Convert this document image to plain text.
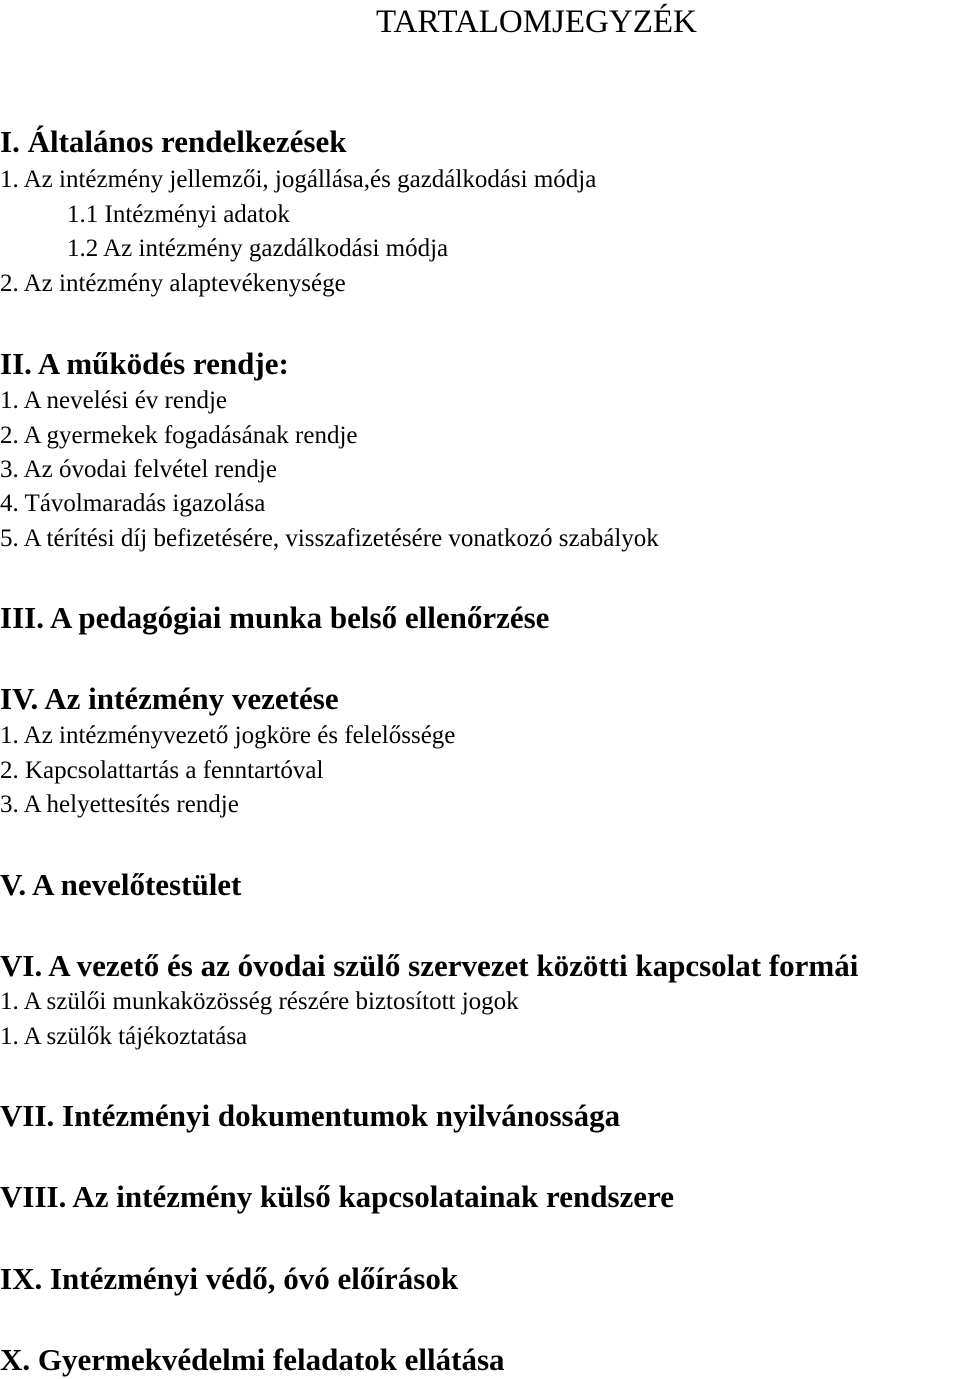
TARTALOMJEGYZÉK
I. Általános rendelkezések
1. Az intézmény jellemzői, jogállása,és gazdálkodási módja
1.1 Intézményi adatok
1.2 Az intézmény gazdálkodási módja
2. Az intézmény alaptevékenysége
II. A működés rendje:
1. A nevelési év rendje
2. A gyermekek fogadásának rendje
3. Az óvodai felvétel rendje
4. Távolmaradás igazolása
5. A térítési díj befizetésére, visszafizetésére vonatkozó szabályok
III. A pedagógiai munka belső ellenőrzése
IV. Az intézmény vezetése
1. Az intézményvezető jogköre és felelőssége
2. Kapcsolattartás a fenntartóval
3. A helyettesítés rendje
V. A nevelőtestület
VI. A vezető és az óvodai szülő szervezet közötti kapcsolat formái
1. A szülői munkaközösség részére biztosított jogok
1. A szülők tájékoztatása
VII. Intézményi dokumentumok nyilvánossága
VIII. Az intézmény külső kapcsolatainak rendszere
IX. Intézményi védő, óvó előírások
X. Gyermekvédelmi feladatok ellátása
